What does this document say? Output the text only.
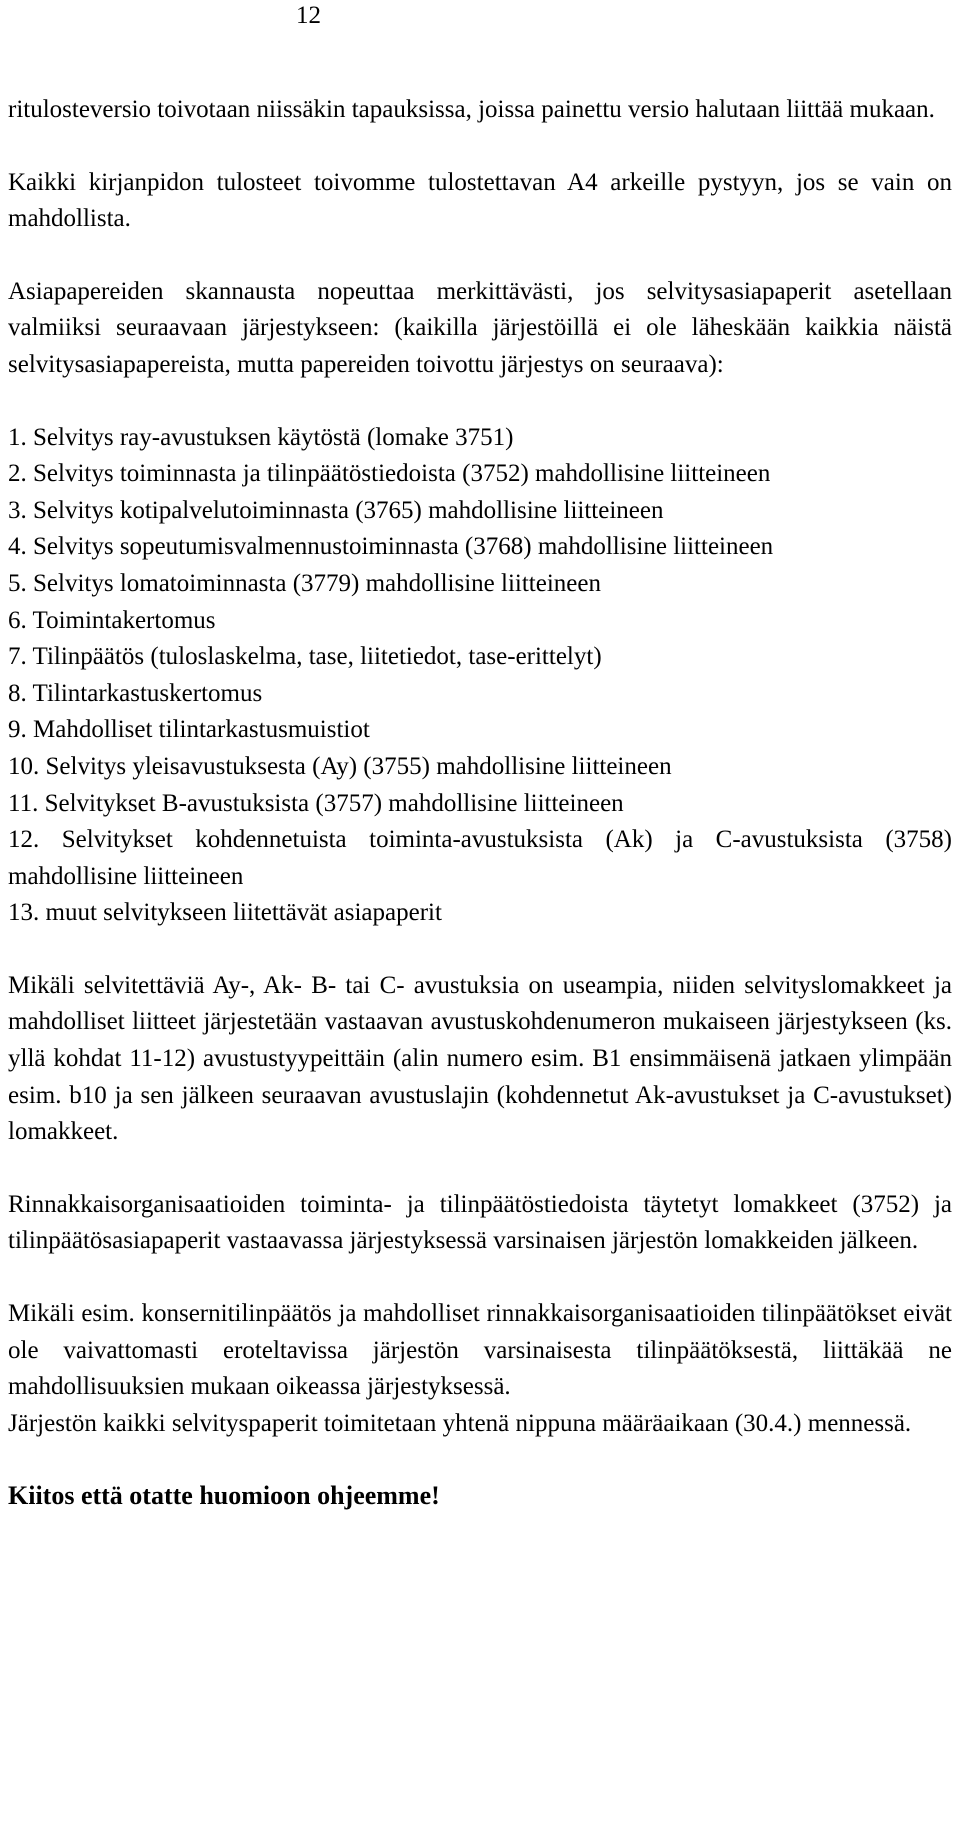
12

ritulosteversio toivotaan niissäkin tapauksissa, joissa painettu versio halutaan liittää mukaan.

Kaikki kirjanpidon tulosteet toivomme tulostettavan A4 arkeille pystyyn, jos se vain on mahdollista.

Asiapapereiden skannausta nopeuttaa merkittävästi, jos selvitysasiapaperit asetellaan valmiiksi seuraavaan järjestykseen: (kaikilla järjestöillä ei ole läheskään kaikkia näistä selvitysasiapapereista, mutta papereiden toivottu järjestys on seuraava):

1. Selvitys ray-avustuksen käytöstä (lomake 3751)
2. Selvitys toiminnasta ja tilinpäätöstiedoista (3752) mahdollisine liitteineen
3. Selvitys kotipalvelutoiminnasta (3765) mahdollisine liitteineen
4. Selvitys sopeutumisvalmennustoiminnasta (3768) mahdollisine liitteineen
5. Selvitys lomatoiminnasta (3779) mahdollisine liitteineen
6. Toimintakertomus
7. Tilinpäätös (tuloslaskelma, tase, liitetiedot, tase-erittelyt)
8. Tilintarkastuskertomus
9. Mahdolliset tilintarkastusmuistiot
10. Selvitys yleisavustuksesta (Ay) (3755) mahdollisine liitteineen
11. Selvitykset B-avustuksista (3757) mahdollisine liitteineen
12. Selvitykset kohdennetuista toiminta-avustuksista (Ak) ja C-avustuksista (3758) mahdollisine liitteineen
13. muut selvitykseen liitettävät asiapaperit

Mikäli selvitettäviä Ay-, Ak- B- tai C- avustuksia on useampia, niiden selvityslomakkeet ja mahdolliset liitteet järjestetään vastaavan avustuskohdenumeron mukaiseen järjestykseen (ks. yllä kohdat 11-12) avustustyypeittäin (alin numero esim. B1 ensimmäisenä jatkaen ylimpään esim. b10 ja sen jälkeen seuraavan avustuslajin (kohdennetut Ak-avustukset ja C-avustukset) lomakkeet.

Rinnakkaisorganisaatioiden toiminta- ja tilinpäätöstiedoista täytetyt lomakkeet (3752) ja tilinpäätösasiapaperit vastaavassa järjestyksessä varsinaisen järjestön lomakkeiden jälkeen.

Mikäli esim. konsernitilinpäätös ja mahdolliset rinnakkaisorganisaatioiden tilinpäätökset eivät ole vaivattomasti eroteltavissa järjestön varsinaisesta tilinpäätöksestä, liittäkää ne mahdollisuuksien mukaan oikeassa järjestyksessä.

Järjestön kaikki selvityspaperit toimitetaan yhtenä nippuna määräaikaan (30.4.) mennessä.

Kiitos että otatte huomioon ohjeemme!
